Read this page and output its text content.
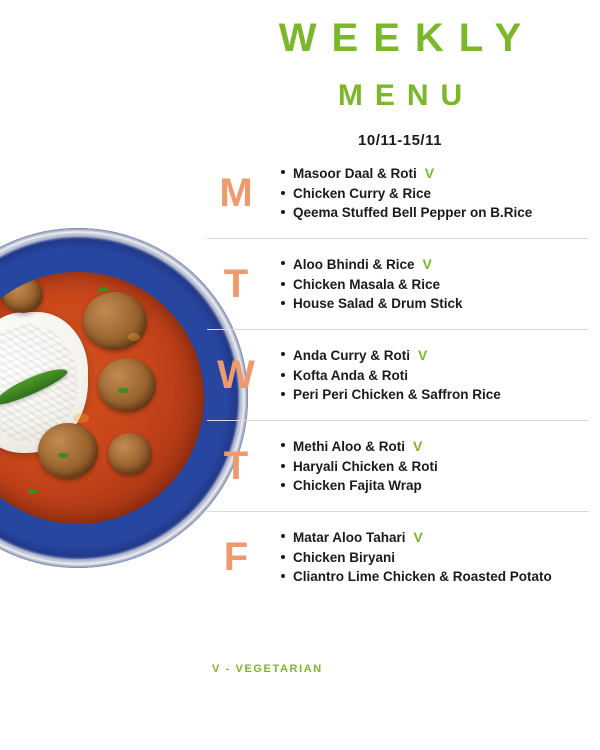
WEEKLY
MENU
10/11-15/11
M	Masoor Daal & Roti V
Chicken Curry & Rice
Qeema Stuffed Bell Pepper on B.Rice
T	Aloo Bhindi & Rice V
Chicken Masala & Rice
House Salad & Drum Stick
W	Anda Curry & Roti V
Kofta Anda & Roti
Peri Peri Chicken & Saffron Rice
T	Methi Aloo & Roti V
Haryali Chicken & Roti
Chicken Fajita Wrap
F	Matar Aloo Tahari V
Chicken Biryani
Cliantro Lime Chicken & Roasted Potato
V - VEGETARIAN
